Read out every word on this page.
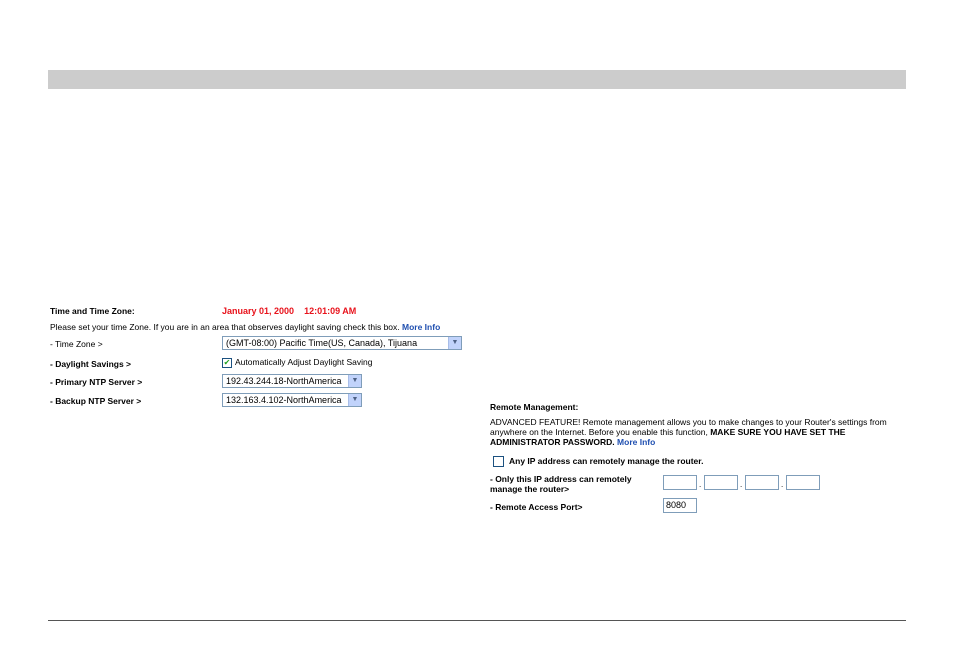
Time and Time Zone:	January 01, 2000 12:01:09 AM
Please set your time Zone. If you are in an area that observes daylight saving check this box. More Info
- Time Zone >	(GMT-08:00) Pacific Time(US, Canada), Tijuana	▼
- Daylight Savings >	✔ Automatically Adjust Daylight Saving
- Primary NTP Server >	192.43.244.18-NorthAmerica	▼
- Backup NTP Server >	132.163.4.102-NorthAmerica	▼
Remote Management:
ADVANCED FEATURE! Remote management allows you to make changes to your Router's settings from anywhere on the Internet. Before you enable this function, MAKE SURE YOU HAVE SET THE ADMINISTRATOR PASSWORD. More Info
Any IP address can remotely manage the router.
- Only this IP address can remotely manage the router>	.	.	.
- Remote Access Port>	8080
